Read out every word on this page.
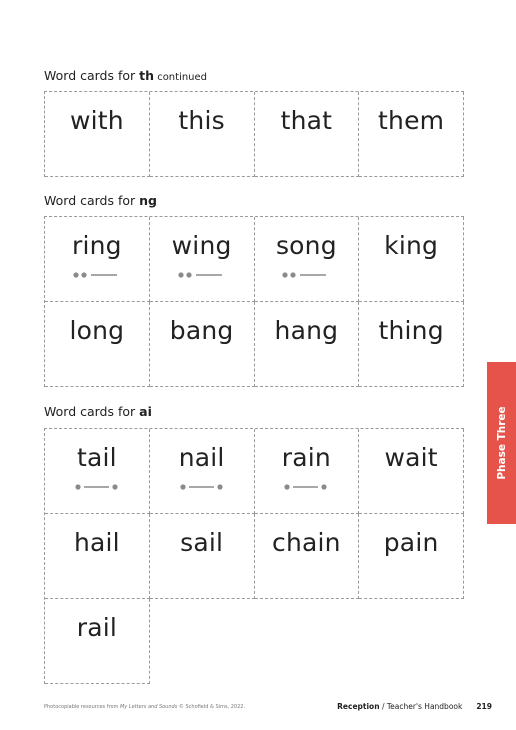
Word cards for th continued
with	this	that	them
Word cards for ng
ring	wing	song	king
long	bang	hang	thing
Word cards for ai
tail	nail	rain	wait
hail	sail	chain	pain
rail
Phase Three
Photocopiable resources from My Letters and Sounds © Schofield & Sims, 2022.	Reception / Teacher's Handbook 219
